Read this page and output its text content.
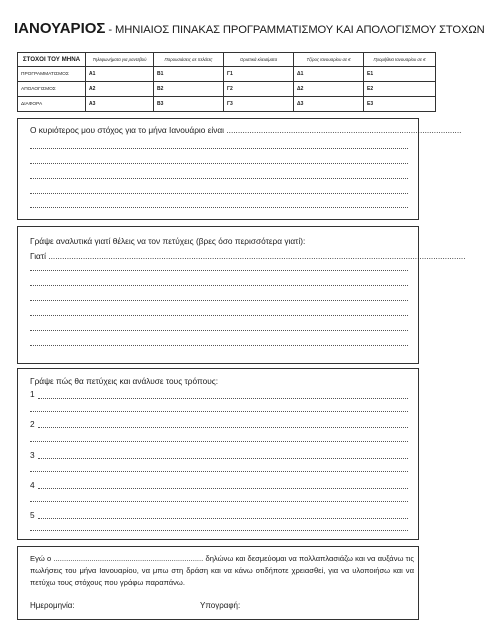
ΙΑΝΟΥΑΡΙΟΣ - ΜΗΝΙΑΙΟΣ ΠΙΝΑΚΑΣ ΠΡΟΓΡΑΜΜΑΤΙΣΜΟΥ ΚΑΙ ΑΠΟΛΟΓΙΣΜΟΥ ΣΤΟΧΩΝ
ΣΤΟΧΟΙ ΤΟΥ ΜΗΝΑ	Τηλεφωνήματα για ραντεβού	Παρουσιάσεις σε πελάτες	Οριστικά κλεισίματα	Τζίρος Ιανουαρίου σε €	Προμήθεια Ιανουαρίου σε €
ΠΡΟΓΡΑΜΜΑΤΙΣΜΟΣ	Α1	Β1	Γ1	Δ1	Ε1
ΑΠΟΛΟΓΙΣΜΟΣ	Α2	Β2	Γ2	Δ2	Ε2
ΔΙΑΦΟΡΑ	Α3	Β3	Γ3	Δ3	Ε3
Ο κυριότερος μου στόχος για το μήνα Ιανουάριο είναι ......................................................................................................
Γράψε αναλυτικά γιατί θέλεις να τον πετύχεις (βρες όσο περισσότερα γιατί):
Γιατί .....................................................................................................................................................................................
Γράψε πώς θα πετύχεις και ανάλυσε τους τρόπους:
1
2
3
4
5
Εγώ ο ....................................................................... δηλώνω και δεσμεύομαι να πολλαπλασιάζω και να αυξάνω τις πωλήσεις του μήνα Ιανουαρίου, να μπω στη δράση και να κάνω οτιδήποτε χρειασθεί, για να υλοποιήσω και να πετύχω τους στόχους που γράφω παραπάνω.
Ημερομηνία:	Υπογραφή:
